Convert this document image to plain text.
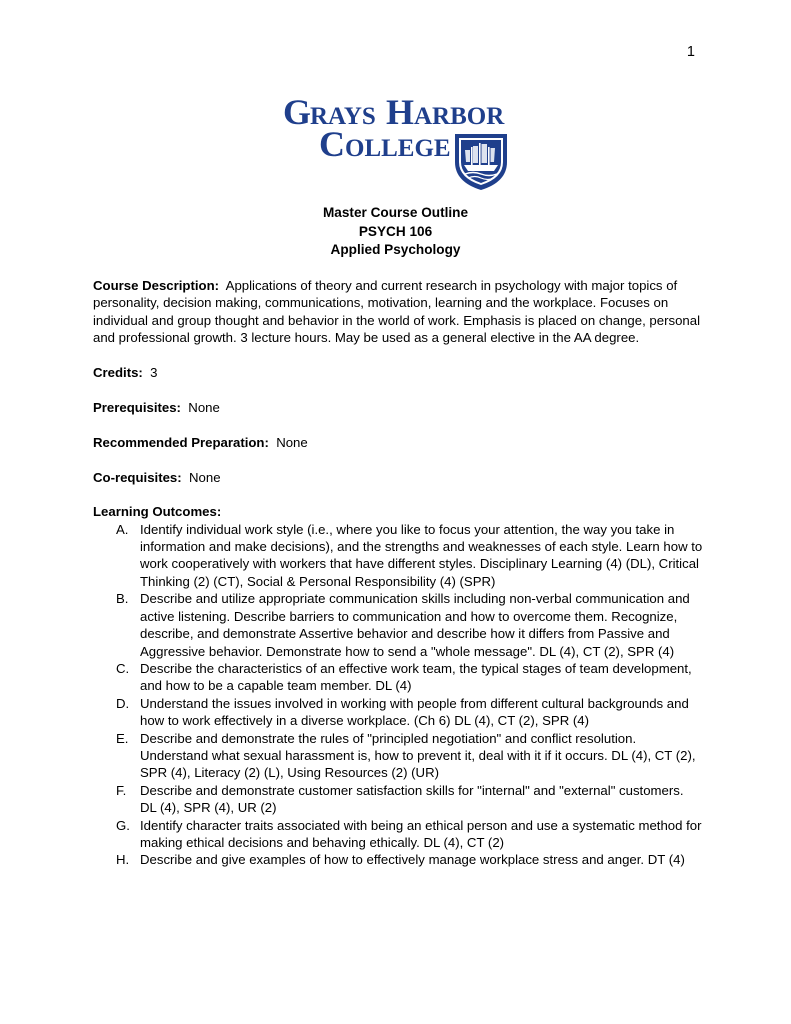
1
G
RAYS H ARBOR
C OLLEGE
Master Course Outline
PSYCH 106
Applied Psychology

Course Description: Applications of theory and current research in psychology with major topics of personality, decision making, communications, motivation, learning and the workplace. Focuses on individual and group thought and behavior in the world of work. Emphasis is placed on change, personal and professional growth. 3 lecture hours. May be used as a general elective in the AA degree.

Credits: 3

Prerequisites: None

Recommended Preparation: None

Co-requisites: None

Learning Outcomes:
A. Identify individual work style (i.e., where you like to focus your attention, the way you take in information and make decisions), and the strengths and weaknesses of each style. Learn how to work cooperatively with workers that have different styles. Disciplinary Learning (4) (DL), Critical Thinking (2) (CT), Social & Personal Responsibility (4) (SPR)
B. Describe and utilize appropriate communication skills including non-verbal communication and active listening. Describe barriers to communication and how to overcome them. Recognize, describe, and demonstrate Assertive behavior and describe how it differs from Passive and Aggressive behavior. Demonstrate how to send a "whole message". DL (4), CT (2), SPR (4)
C. Describe the characteristics of an effective work team, the typical stages of team development, and how to be a capable team member. DL (4)
D. Understand the issues involved in working with people from different cultural backgrounds and how to work effectively in a diverse workplace. (Ch 6) DL (4), CT (2), SPR (4)
E. Describe and demonstrate the rules of "principled negotiation" and conflict resolution. Understand what sexual harassment is, how to prevent it, deal with it if it occurs. DL (4), CT (2), SPR (4), Literacy (2) (L), Using Resources (2) (UR)
F. Describe and demonstrate customer satisfaction skills for "internal" and "external" customers. DL (4), SPR (4), UR (2)
G. Identify character traits associated with being an ethical person and use a systematic method for making ethical decisions and behaving ethically. DL (4), CT (2)
H. Describe and give examples of how to effectively manage workplace stress and anger. DT (4)
